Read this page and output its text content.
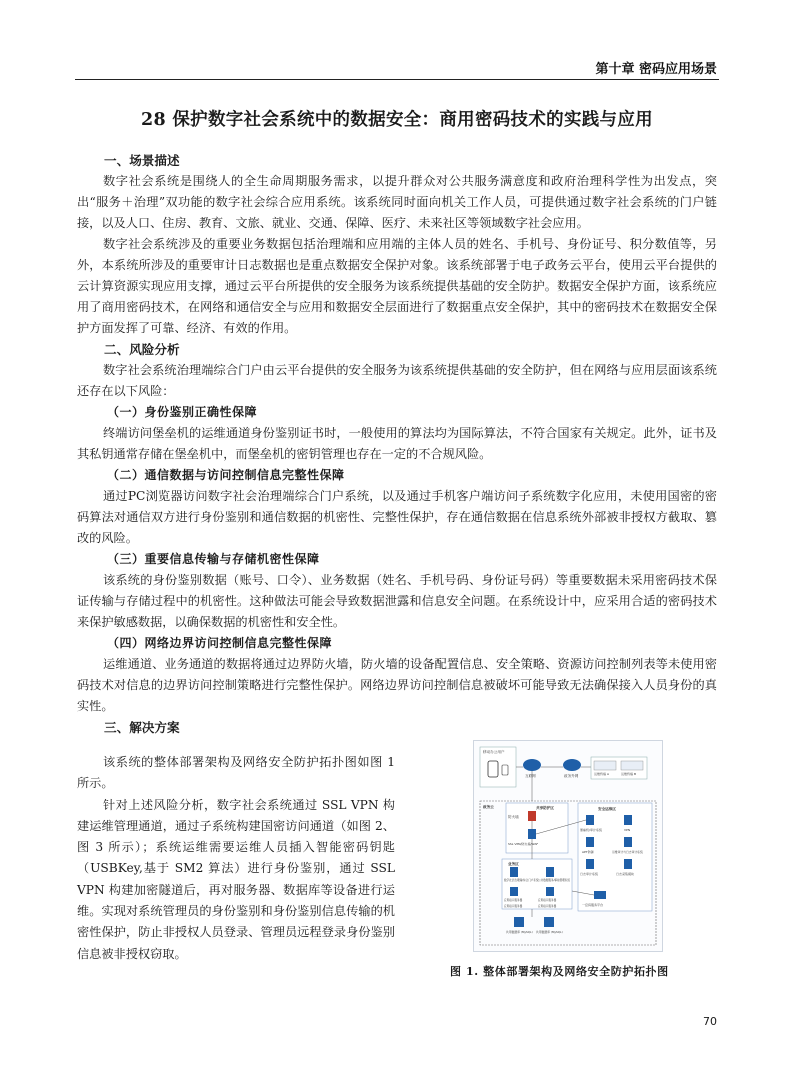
第十章 密码应用场景
28 保护数字社会系统中的数据安全：商用密码技术的实践与应用
一、场景描述

数字社会系统是围绕人的全生命周期服务需求，以提升群众对公共服务满意度和政府治理科学性为出发点，突出“服务＋治理”双功能的数字社会综合应用系统。该系统同时面向机关工作人员，可提供通过数字社会系统的门户链接，以及人口、住房、教育、文旅、就业、交通、保障、医疗、未来社区等领域数字社会应用。

数字社会系统涉及的重要业务数据包括治理端和应用端的主体人员的姓名、手机号、身份证号、积分数值等，另外，本系统所涉及的重要审计日志数据也是重点数据安全保护对象。该系统部署于电子政务云平台，使用云平台提供的云计算资源实现应用支撑，通过云平台所提供的安全服务为该系统提供基础的安全防护。数据安全保护方面，该系统应用了商用密码技术，在网络和通信安全与应用和数据安全层面进行了数据重点安全保护，其中的密码技术在数据安全保护方面发挥了可靠、经济、有效的作用。

二、风险分析

数字社会系统治理端综合门户由云平台提供的安全服务为该系统提供基础的安全防护，但在网络与应用层面该系统还存在以下风险：

（一）身份鉴别正确性保障

终端访问堡垒机的运维通道身份鉴别证书时，一般使用的算法均为国际算法，不符合国家有关规定。此外，证书及其私钥通常存储在堡垒机中，而堡垒机的密钥管理也存在一定的不合规风险。

（二）通信数据与访问控制信息完整性保障

通过PC浏览器访问数字社会治理端综合门户系统，以及通过手机客户端访问子系统数字化应用，未使用国密的密码算法对通信双方进行身份鉴别和通信数据的机密性、完整性保护，存在通信数据在信息系统外部被非授权方截取、篡改的风险。

（三）重要信息传输与存储机密性保障

该系统的身份鉴别数据（账号、口令）、业务数据（姓名、手机号码、身份证号码）等重要数据未采用密码技术保证传输与存储过程中的机密性。这种做法可能会导致数据泄露和信息安全问题。在系统设计中，应采用合适的密码技术来保护敏感数据，以确保数据的机密性和安全性。

（四）网络边界访问控制信息完整性保障

运维通道、业务通道的数据将通过边界防火墙，防火墙的设备配置信息、安全策略、资源访问控制列表等未使用密码技术对信息的边界访问控制策略进行完整性保护。网络边界访问控制信息被破坏可能导致无法确保接入人员身份的真实性。

三、解决方案

该系统的整体部署架构及网络安全防护拓扑图如图 1 所示。

针对上述风险分析，数字社会系统通过 SSL VPN 构建运维管理通道，通过子系统构建国密访问通道（如图 2、图 3 所示）；系统运维需要运维人员插入智能密码钥匙（USBKey,基于 SM2 算法）进行身份鉴别，通过 SSL VPN 构建加密隧道后，再对服务器、数据库等设备进行运维。实现对系统管理员的身份鉴别和身份鉴别信息传输的机密性保护，防止非授权人员登录、管理员远程登录身份鉴别信息被非授权窃取。

移动办公用户
互联网	政务外网	运维终端 A	运维终端 B
政务云	共享防护区
防火墙
SSL VPN/防火墙/WAF
安全运维区
堡垒机/审计系统	VPN
APT防御	运维审计与日志审计系统
日志审计系统	日志采集模块
一密码服务平台
业务区
数字社会治理端/综合门户系统 公共数据服务/事前管理系统
应用接口服务器	应用接口服务器
应用接口服务器	应用接口服务器
共用数据库 (MySQL) 共用数据库 (MySQL)
图 1. 整体部署架构及网络安全防护拓扑图
70
